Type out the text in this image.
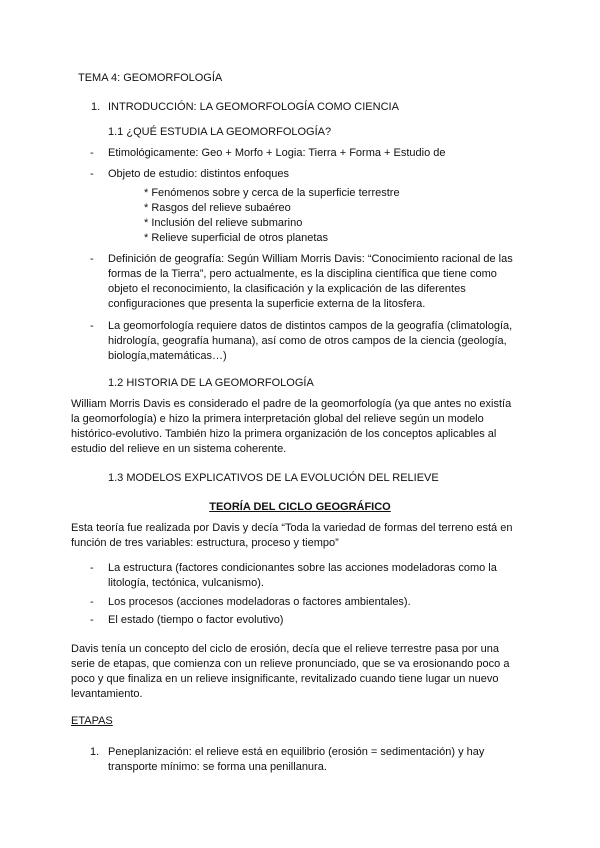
TEMA 4: GEOMORFOLOGÍA
1. INTRODUCCIÓN: LA GEOMORFOLOGÍA COMO CIENCIA
1.1 ¿QUÉ ESTUDIA LA GEOMORFOLOGÍA?
-	Etimológicamente: Geo + Morfo + Logia: Tierra + Forma + Estudio de
-	Objeto de estudio: distintos enfoques
* Fenómenos sobre y cerca de la superficie terrestre
* Rasgos del relieve subaéreo
* Inclusión del relieve submarino
* Relieve superficial de otros planetas
-	Definición de geografía: Según William Morris Davis: “Conocimiento racional de las
formas de la Tierra”, pero actualmente, es la disciplina científica que tiene como
objeto el reconocimiento, la clasificación y la explicación de las diferentes
configuraciones que presenta la superficie externa de la litosfera.
-	La geomorfología requiere datos de distintos campos de la geografía (climatología,
hidrología, geografía humana), así como de otros campos de la ciencia (geología,
biología,matemáticas…)
1.2 HISTORIA DE LA GEOMORFOLOGÍA
William Morris Davis es considerado el padre de la geomorfología (ya que antes no existía
la geomorfología) e hizo la primera interpretación global del relieve según un modelo
histórico-evolutivo. También hizo la primera organización de los conceptos aplicables al
estudio del relieve en un sistema coherente.
1.3 MODELOS EXPLICATIVOS DE LA EVOLUCIÓN DEL RELIEVE
TEORÍA DEL CICLO GEOGRÁFICO
Esta teoría fue realizada por Davis y decía “Toda la variedad de formas del terreno está en
función de tres variables: estructura, proceso y tiempo”
-	La estructura (factores condicionantes sobre las acciones modeladoras como la
litología, tectónica, vulcanismo).
-	Los procesos (acciones modeladoras o factores ambientales).
-	El estado (tiempo o factor evolutivo)
Davis tenía un concepto del ciclo de erosión, decía que el relieve terrestre pasa por una
serie de etapas, que comienza con un relieve pronunciado, que se va erosionando poco a
poco y que finaliza en un relieve insignificante, revitalizado cuando tiene lugar un nuevo
levantamiento.
ETAPAS
1. Peneplanización: el relieve está en equilibrio (erosión = sedimentación) y hay
transporte mínimo: se forma una penillanura.
